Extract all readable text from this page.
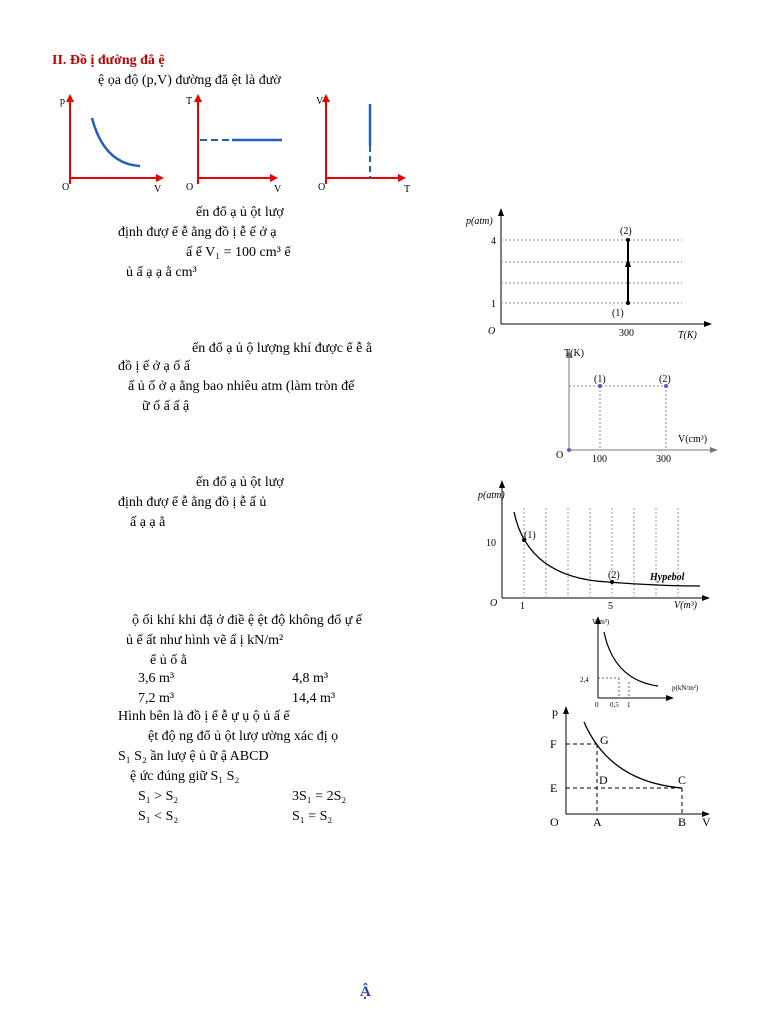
II. Đồ ị đường đẳ ệ
ệ ọa độ (p,V) đường đẳ ệt là đườ
p
V
O
T
V
O
V
T
O
ến đổ ạ ủ ột lượ
định đượ ể ễ ằng đồ ị ễ ế ở ạ
ấ ế V₁ = 100 cm³ ể
ủ ấ ạ ạ ằ cm³
p(atm)
T(K)
O
4
1
300
(1)
(2)
ến đổ ạ ủ ộ lượng khí được ể ễ ằ
đồ ị ế ở ạ ố ấ
ấ ủ ố ở ạ ằng bao nhiêu atm (làm tròn đế
ữ ố ấ ấ ậ
T(K)
V(cm³)
O	100	300
(1)	(2)
ến đổ ạ ủ ột lượ
định đượ ể ễ ằng đồ ị ễ ấ ủ
ấ ạ ạ ằ
p(atm)
V(m³)
O
10
1	5
(1)
(2)	Hypebol
ộ ối khí khi đặ ở điề ệ ệt độ không đổ ự ế
ủ ể ất như hình vẽ ấ ị kN/m²
ể ủ ố ằ
3,6 m³	4,8 m³
7,2 m³	14,4 m³
V(m³)
p(kN/m²)
2,4
0 0,5 1
Hình bên là đồ ị ể ễ ự ụ ộ ủ ấ ể
ệt độ ng đổ ủ ột lượ ường xác đị ọ
S₁ S₂ ần lượ ệ ủ ữ ậ ABCD
ệ ức đúng giữ S₁ S₂
S₁ > S₂	3S₁ = 2S₂
S₁ < S₂	S₁ = S₂
p
V
O
F	G
E
D	C
A	B
Ậ
